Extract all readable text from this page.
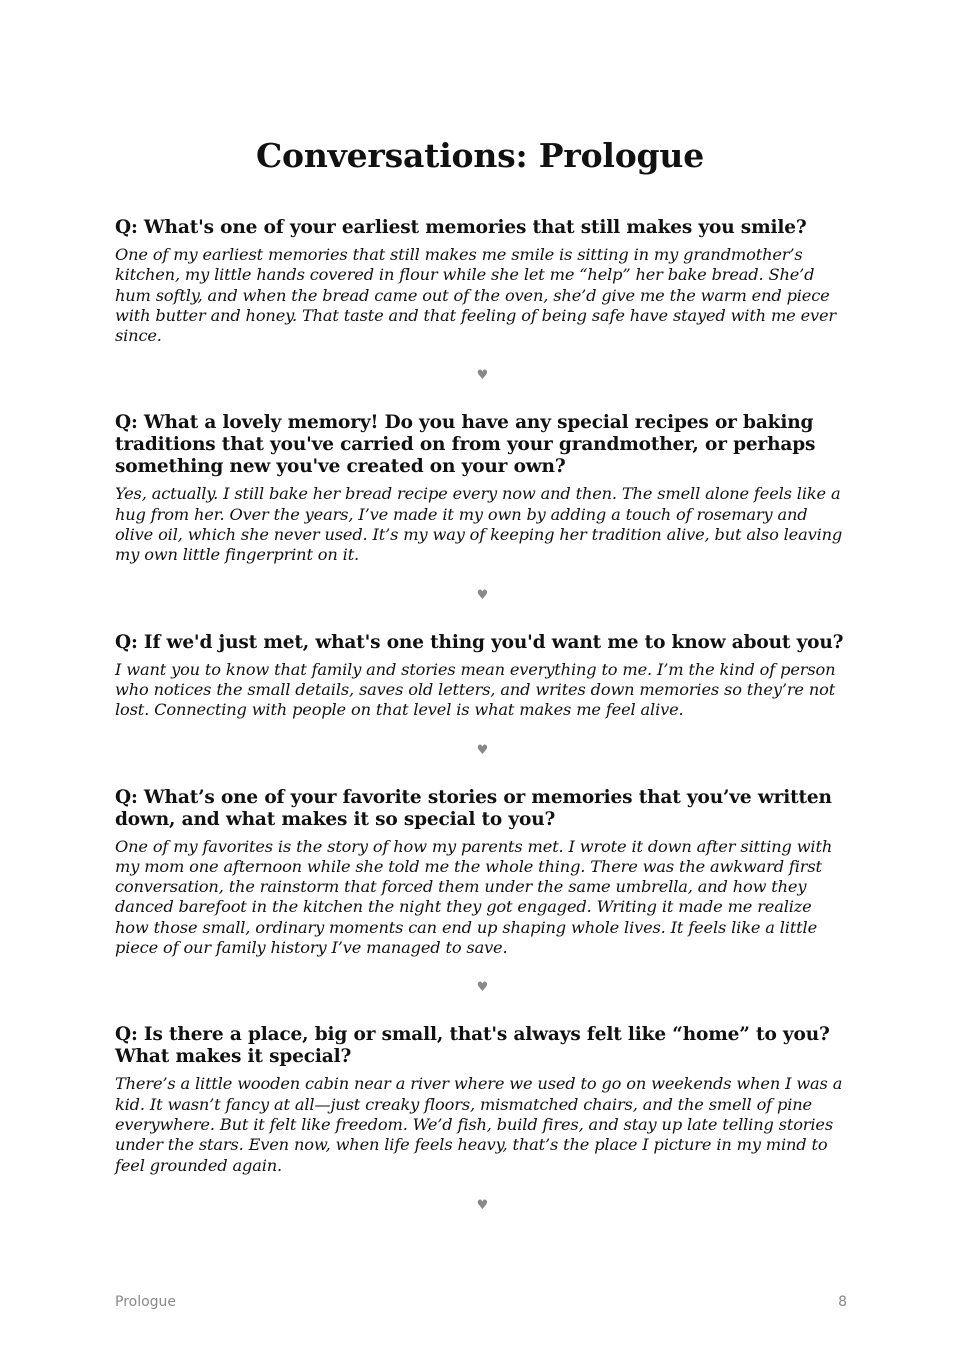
Conversations: Prologue

Q: What's one of your earliest memories that still makes you smile?

One of my earliest memories that still makes me smile is sitting in my grandmother’s kitchen, my little hands covered in flour while she let me “help” her bake bread. She’d hum softly, and when the bread came out of the oven, she’d give me the warm end piece with butter and honey. That taste and that feeling of being safe have stayed with me ever since.

♥

Q: What a lovely memory! Do you have any special recipes or baking traditions that you've carried on from your grandmother, or perhaps something new you've created on your own?

Yes, actually. I still bake her bread recipe every now and then. The smell alone feels like a hug from her. Over the years, I’ve made it my own by adding a touch of rosemary and olive oil, which she never used. It’s my way of keeping her tradition alive, but also leaving my own little fingerprint on it.

♥

Q: If we'd just met, what's one thing you'd want me to know about you?

I want you to know that family and stories mean everything to me. I’m the kind of person who notices the small details, saves old letters, and writes down memories so they’re not lost. Connecting with people on that level is what makes me feel alive.

♥

Q: What’s one of your favorite stories or memories that you’ve written down, and what makes it so special to you?

One of my favorites is the story of how my parents met. I wrote it down after sitting with my mom one afternoon while she told me the whole thing. There was the awkward first conversation, the rainstorm that forced them under the same umbrella, and how they danced barefoot in the kitchen the night they got engaged. Writing it made me realize how those small, ordinary moments can end up shaping whole lives. It feels like a little piece of our family history I’ve managed to save.

♥

Q: Is there a place, big or small, that's always felt like “home” to you? What makes it special?

There’s a little wooden cabin near a river where we used to go on weekends when I was a kid. It wasn’t fancy at all—just creaky floors, mismatched chairs, and the smell of pine everywhere. But it felt like freedom. We’d fish, build fires, and stay up late telling stories under the stars. Even now, when life feels heavy, that’s the place I picture in my mind to feel grounded again.

♥
Prologue	8
